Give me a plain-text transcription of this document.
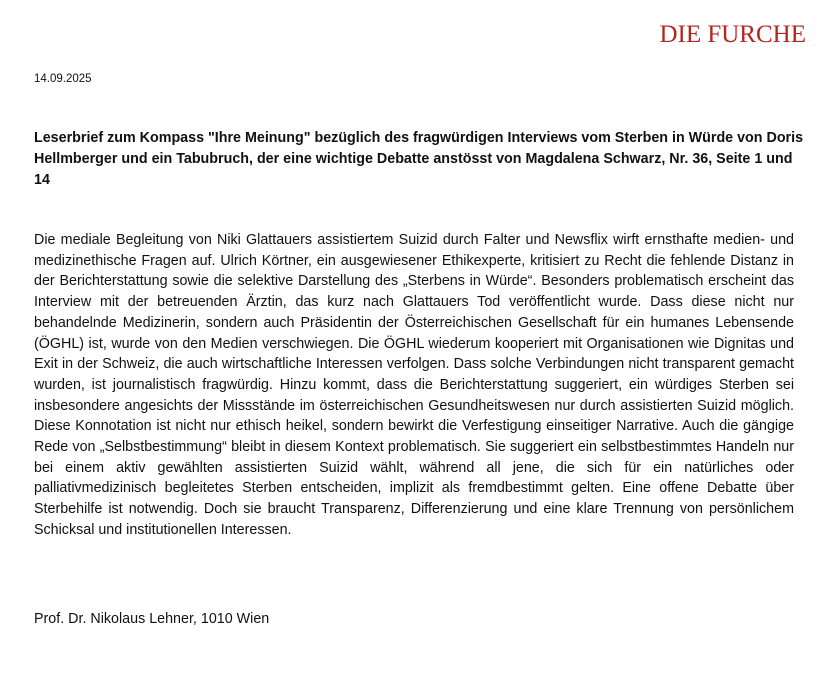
DIE FURCHE
14.09.2025
Leserbrief zum Kompass "Ihre Meinung" bezüglich des fragwürdigen Interviews vom Sterben in Würde von Doris Hellmberger und ein Tabubruch, der eine wichtige Debatte anstösst von Magdalena Schwarz, Nr. 36, Seite 1 und 14

Die mediale Begleitung von Niki Glattauers assistiertem Suizid durch Falter und Newsflix wirft ernsthafte medien- und medizinethische Fragen auf. Ulrich Körtner, ein ausgewiesener Ethikexperte, kritisiert zu Recht die fehlende Distanz in der Berichterstattung sowie die selektive Darstellung des „Sterbens in Würde“. Besonders problematisch erscheint das Interview mit der betreuenden Ärztin, das kurz nach Glattauers Tod veröffentlicht wurde. Dass diese nicht nur behandelnde Medizinerin, sondern auch Präsidentin der Österreichischen Gesellschaft für ein humanes Lebensende (ÖGHL) ist, wurde von den Medien verschwiegen. Die ÖGHL wiederum kooperiert mit Organisationen wie Dignitas und Exit in der Schweiz, die auch wirtschaftliche Interessen verfolgen. Dass solche Verbindungen nicht transparent gemacht wurden, ist journalistisch fragwürdig. Hinzu kommt, dass die Berichterstattung suggeriert, ein würdiges Sterben sei insbesondere angesichts der Missstände im österreichischen Gesundheitswesen nur durch assistierten Suizid möglich. Diese Konnotation ist nicht nur ethisch heikel, sondern bewirkt die Verfestigung einseitiger Narrative. Auch die gängige Rede von „Selbstbestimmung“ bleibt in diesem Kontext problematisch. Sie suggeriert ein selbstbestimmtes Handeln nur bei einem aktiv gewählten assistierten Suizid wählt, während all jene, die sich für ein natürliches oder palliativmedizinisch begleitetes Sterben entscheiden, implizit als fremdbestimmt gelten. Eine offene Debatte über Sterbehilfe ist notwendig. Doch sie braucht Transparenz, Differenzierung und eine klare Trennung von persönlichem Schicksal und institutionellen Interessen.

Prof. Dr. Nikolaus Lehner, 1010 Wien
